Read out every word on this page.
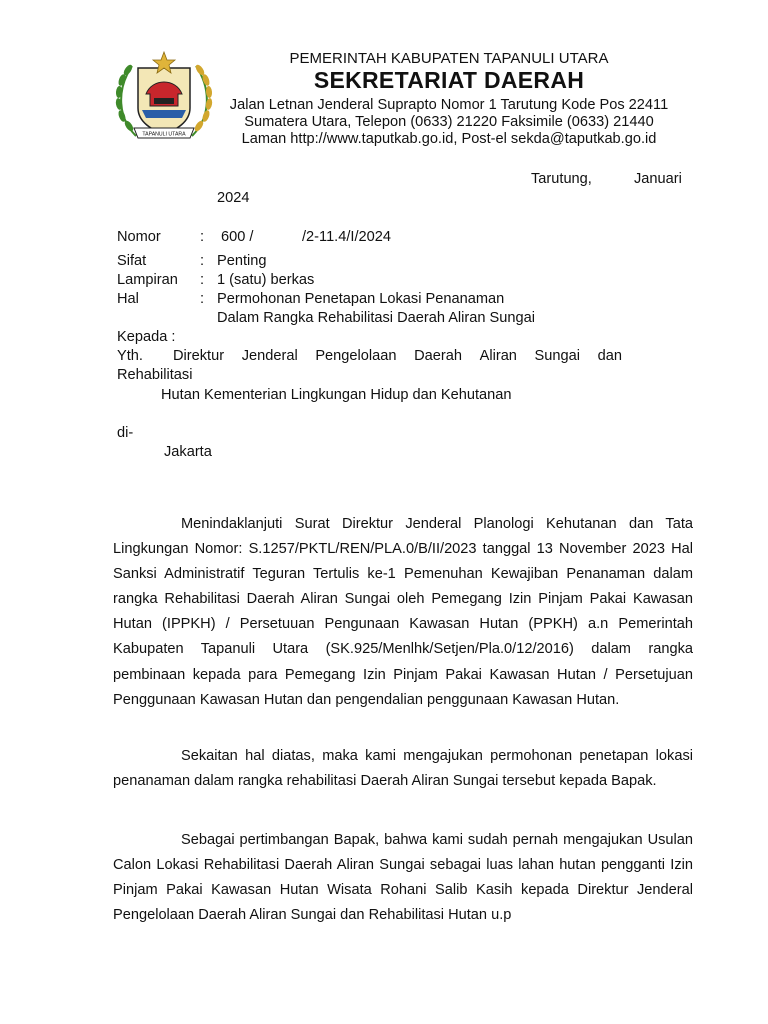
TAPANULI UTARA
PEMERINTAH KABUPATEN TAPANULI UTARA
SEKRETARIAT DAERAH
Jalan Letnan Jenderal Suprapto Nomor 1 Tarutung Kode Pos 22411
Sumatera Utara, Telepon (0633) 21220 Faksimile (0633) 21440
Laman http://www.taputkab.go.id, Post-el sekda@taputkab.go.id
Tarutung,	Januari
2024
Nomor	: 600 /	/2-11.4/I/2024
Sifat	: Penting
Lampiran : 1 (satu) berkas
Hal	: Permohonan Penetapan Lokasi Penanaman
Dalam Rangka Rehabilitasi Daerah Aliran Sungai
Kepada :
Yth. Direktur Jenderal Pengelolaan Daerah Aliran Sungai dan
Rehabilitasi
Hutan Kementerian Lingkungan Hidup dan Kehutanan
di-
Jakarta

Menindaklanjuti Surat Direktur Jenderal Planologi Kehutanan dan Tata Lingkungan Nomor: S.1257/PKTL/REN/PLA.0/B/II/2023 tanggal 13 November 2023 Hal Sanksi Administratif Teguran Tertulis ke-1 Pemenuhan Kewajiban Penanaman dalam rangka Rehabilitasi Daerah Aliran Sungai oleh Pemegang Izin Pinjam Pakai Kawasan Hutan (IPPKH) / Persetuuan Pengunaan Kawasan Hutan (PPKH) a.n Pemerintah Kabupaten Tapanuli Utara (SK.925/Menlhk/Setjen/Pla.0/12/2016) dalam rangka pembinaan kepada para Pemegang Izin Pinjam Pakai Kawasan Hutan / Persetujuan Penggunaan Kawasan Hutan dan pengendalian penggunaan Kawasan Hutan.

Sekaitan hal diatas, maka kami mengajukan permohonan penetapan lokasi penanaman dalam rangka rehabilitasi Daerah Aliran Sungai tersebut kepada Bapak.

Sebagai pertimbangan Bapak, bahwa kami sudah pernah mengajukan Usulan Calon Lokasi Rehabilitasi Daerah Aliran Sungai sebagai luas lahan hutan pengganti Izin Pinjam Pakai Kawasan Hutan Wisata Rohani Salib Kasih kepada Direktur Jenderal Pengelolaan Daerah Aliran Sungai dan Rehabilitasi Hutan u.p
